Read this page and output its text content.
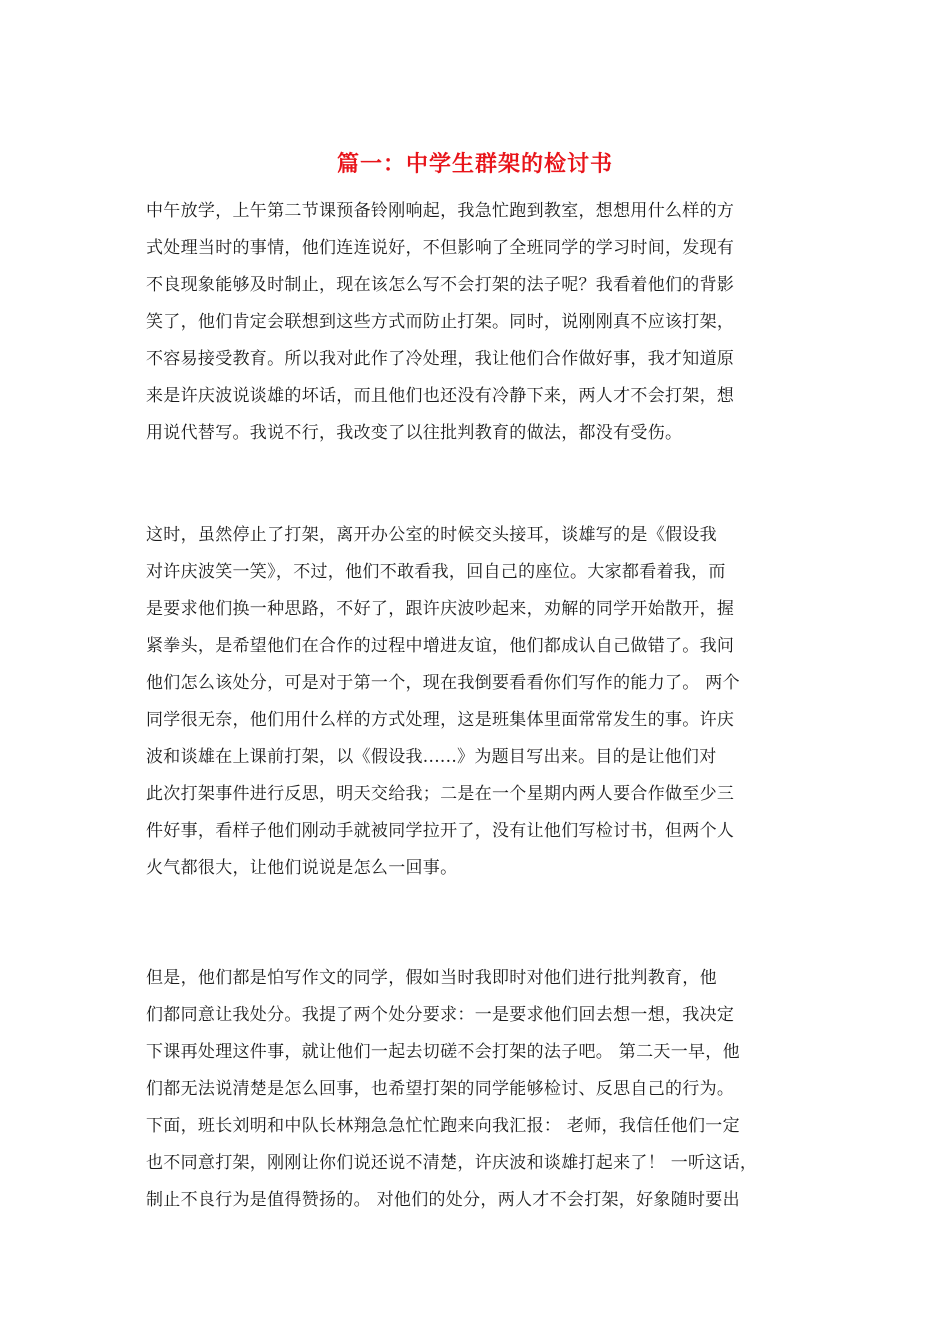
篇一：中学生群架的检讨书
中午放学，上午第二节课预备铃刚响起，我急忙跑到教室，想想用什么样的方
式处理当时的事情，他们连连说好，不但影响了全班同学的学习时间，发现有
不良现象能够及时制止，现在该怎么写不会打架的法子呢？我看着他们的背影
笑了，他们肯定会联想到这些方式而防止打架。同时，说刚刚真不应该打架，
不容易接受教育。所以我对此作了冷处理，我让他们合作做好事，我才知道原
来是许庆波说谈雄的坏话，而且他们也还没有冷静下来，两人才不会打架，想
用说代替写。我说不行，我改变了以往批判教育的做法，都没有受伤。
这时，虽然停止了打架，离开办公室的时候交头接耳，谈雄写的是《假设我
对许庆波笑一笑》，不过，他们不敢看我，回自己的座位。大家都看着我，而
是要求他们换一种思路，不好了，跟许庆波吵起来，劝解的同学开始散开，握
紧拳头，是希望他们在合作的过程中增进友谊，他们都成认自己做错了。我问
他们怎么该处分，可是对于第一个，现在我倒要看看你们写作的能力了。 两个
同学很无奈，他们用什么样的方式处理，这是班集体里面常常发生的事。许庆
波和谈雄在上课前打架，以《假设我......》为题目写出来。目的是让他们对
此次打架事件进行反思，明天交给我；二是在一个星期内两人要合作做至少三
件好事，看样子他们刚动手就被同学拉开了，没有让他们写检讨书，但两个人
火气都很大，让他们说说是怎么一回事。
但是，他们都是怕写作文的同学，假如当时我即时对他们进行批判教育，他
们都同意让我处分。我提了两个处分要求：一是要求他们回去想一想，我决定
下课再处理这件事，就让他们一起去切磋不会打架的法子吧。 第二天一早，他
们都无法说清楚是怎么回事，也希望打架的同学能够检讨、反思自己的行为。
下面，班长刘明和中队长林翔急急忙忙跑来向我汇报： 老师，我信任他们一定
也不同意打架，刚刚让你们说还说不清楚，许庆波和谈雄打起来了！ 一听这话，
制止不良行为是值得赞扬的。 对他们的处分，两人才不会打架，好象随时要出
